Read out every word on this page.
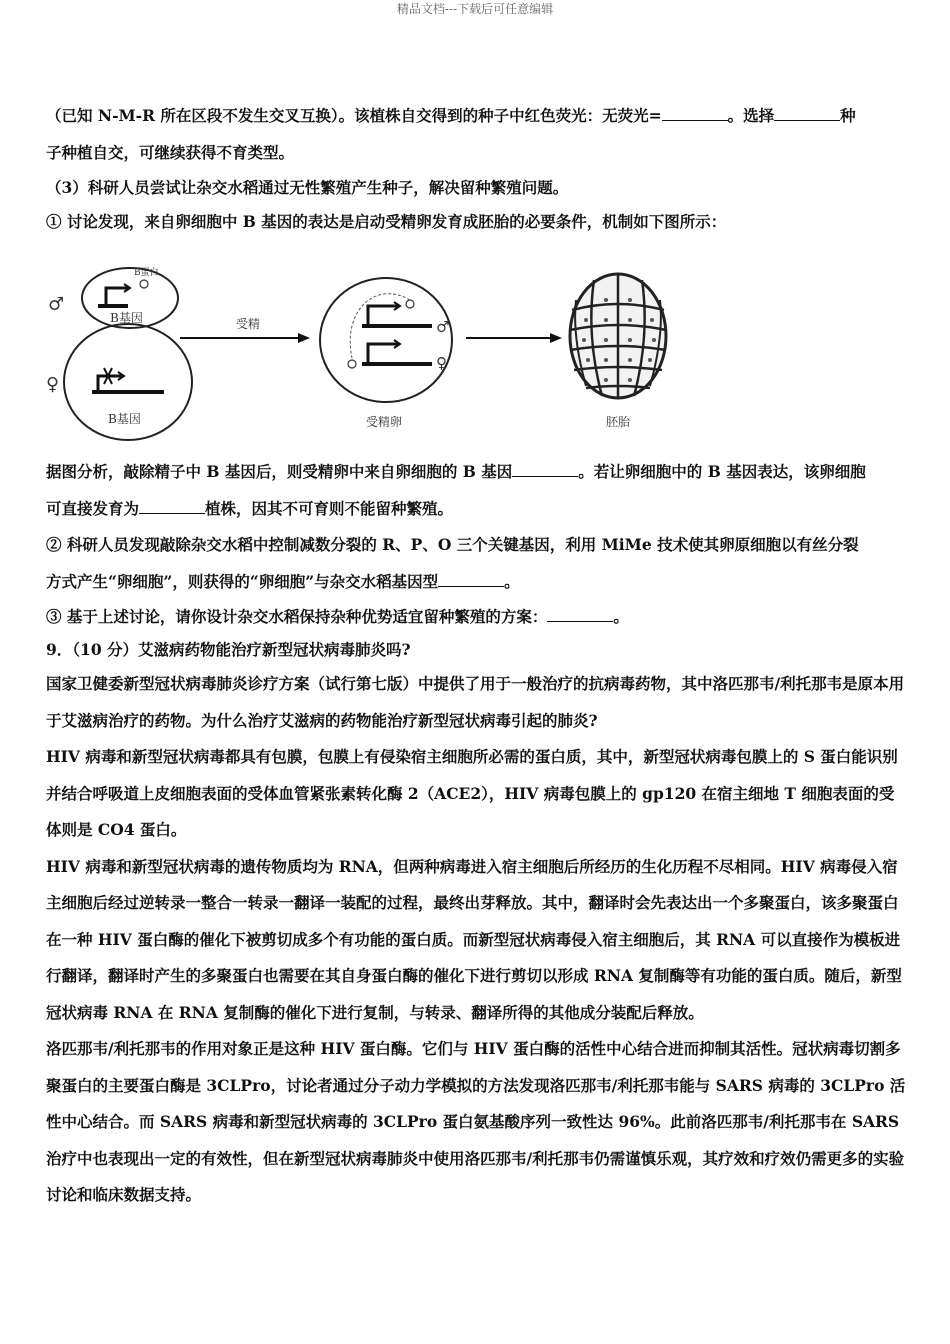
精品文档---下载后可任意编辑

（已知 N-M-R 所在区段不发生交叉互换）。该植株自交得到的种子中红色荧光：无荧光=	。选择	种

子种植自交，可继续获得不育类型。

（3）科研人员尝试让杂交水稻通过无性繁殖产生种子，解决留种繁殖问题。

① 讨论发现，来自卵细胞中 B 基因的表达是启动受精卵发育成胚胎的必要条件，机制如下图所示：

♂
B蛋白
B基因
♀
B基因
受精	♂
♀
受精卵	胚胎

据图分析，敲除精子中 B 基因后，则受精卵中来自卵细胞的 B 基因	。若让卵细胞中的 B 基因表达，该卵细胞

可直接发育为	植株，因其不可育则不能留种繁殖。

② 科研人员发现敲除杂交水稻中控制减数分裂的 R、P、O 三个关键基因，利用 MiMe 技术使其卵原细胞以有丝分裂

方式产生“卵细胞”，则获得的“卵细胞”与杂交水稻基因型	。

③ 基于上述讨论，请你设计杂交水稻保持杂种优势适宜留种繁殖的方案：	。

9．（10 分）艾滋病药物能治疗新型冠状病毒肺炎吗?

国家卫健委新型冠状病毒肺炎诊疗方案（试行第七版）中提供了用于一般治疗的抗病毒药物，其中洛匹那韦/利托那韦是原本用于艾滋病治疗的药物。为什么治疗艾滋病的药物能治疗新型冠状病毒引起的肺炎?

HIV 病毒和新型冠状病毒都具有包膜，包膜上有侵染宿主细胞所必需的蛋白质，其中，新型冠状病毒包膜上的 S 蛋白能识别并结合呼吸道上皮细胞表面的受体血管紧张素转化酶 2（ACE2），HIV 病毒包膜上的 gp120 在宿主细地 T 细胞表面的受体则是 CO4 蛋白。

HIV 病毒和新型冠状病毒的遗传物质均为 RNA，但两种病毒进入宿主细胞后所经历的生化历程不尽相同。HIV 病毒侵入宿主细胞后经过逆转录一整合一转录一翻译一装配的过程，最终出芽释放。其中，翻译时会先表达出一个多聚蛋白，该多聚蛋白在一种 HIV 蛋白酶的催化下被剪切成多个有功能的蛋白质。而新型冠状病毒侵入宿主细胞后，其 RNA 可以直接作为模板进行翻译，翻译时产生的多聚蛋白也需要在其自身蛋白酶的催化下进行剪切以形成 RNA 复制酶等有功能的蛋白质。随后，新型冠状病毒 RNA 在 RNA 复制酶的催化下进行复制，与转录、翻译所得的其他成分装配后释放。

洛匹那韦/利托那韦的作用对象正是这种 HIV 蛋白酶。它们与 HIV 蛋白酶的活性中心结合进而抑制其活性。冠状病毒切割多聚蛋白的主要蛋白酶是 3CLPro，讨论者通过分子动力学模拟的方法发现洛匹那韦/利托那韦能与 SARS 病毒的 3CLPro 活性中心结合。而 SARS 病毒和新型冠状病毒的 3CLPro 蛋白氨基酸序列一致性达 96%。此前洛匹那韦/利托那韦在 SARS 治疗中也表现出一定的有效性，但在新型冠状病毒肺炎中使用洛匹那韦/利托那韦仍需谨慎乐观，其疗效和疗效仍需更多的实验讨论和临床数据支持。
